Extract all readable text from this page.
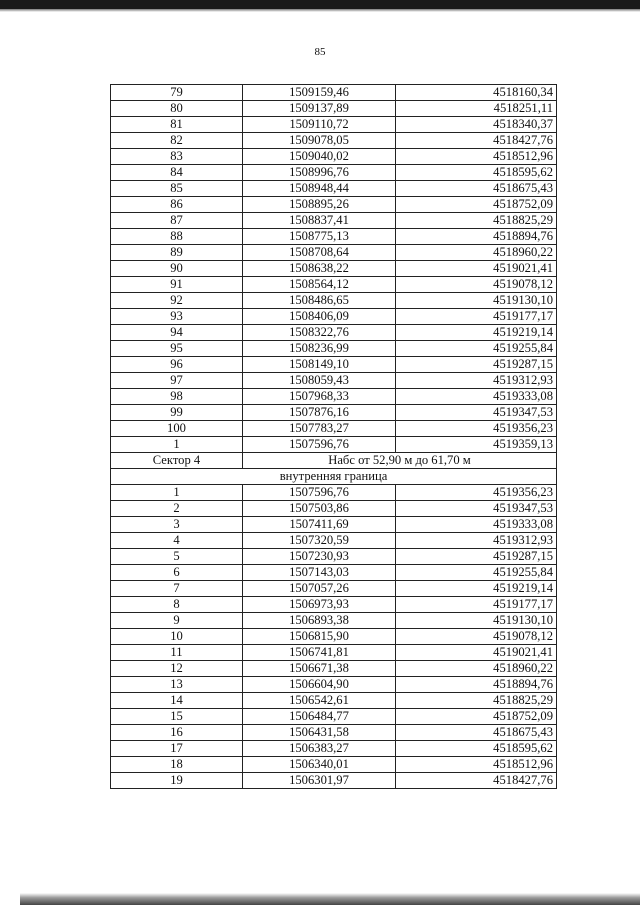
85
79	1509159,46	4518160,34
80	1509137,89	4518251,11
81	1509110,72	4518340,37
82	1509078,05	4518427,76
83	1509040,02	4518512,96
84	1508996,76	4518595,62
85	1508948,44	4518675,43
86	1508895,26	4518752,09
87	1508837,41	4518825,29
88	1508775,13	4518894,76
89	1508708,64	4518960,22
90	1508638,22	4519021,41
91	1508564,12	4519078,12
92	1508486,65	4519130,10
93	1508406,09	4519177,17
94	1508322,76	4519219,14
95	1508236,99	4519255,84
96	1508149,10	4519287,15
97	1508059,43	4519312,93
98	1507968,33	4519333,08
99	1507876,16	4519347,53
100	1507783,27	4519356,23
1	1507596,76	4519359,13
Сектор 4	Набс от 52,90 м до 61,70 м	
внутренняя граница		
1	1507596,76	4519356,23
2	1507503,86	4519347,53
3	1507411,69	4519333,08
4	1507320,59	4519312,93
5	1507230,93	4519287,15
6	1507143,03	4519255,84
7	1507057,26	4519219,14
8	1506973,93	4519177,17
9	1506893,38	4519130,10
10	1506815,90	4519078,12
11	1506741,81	4519021,41
12	1506671,38	4518960,22
13	1506604,90	4518894,76
14	1506542,61	4518825,29
15	1506484,77	4518752,09
16	1506431,58	4518675,43
17	1506383,27	4518595,62
18	1506340,01	4518512,96
19	1506301,97	4518427,76
